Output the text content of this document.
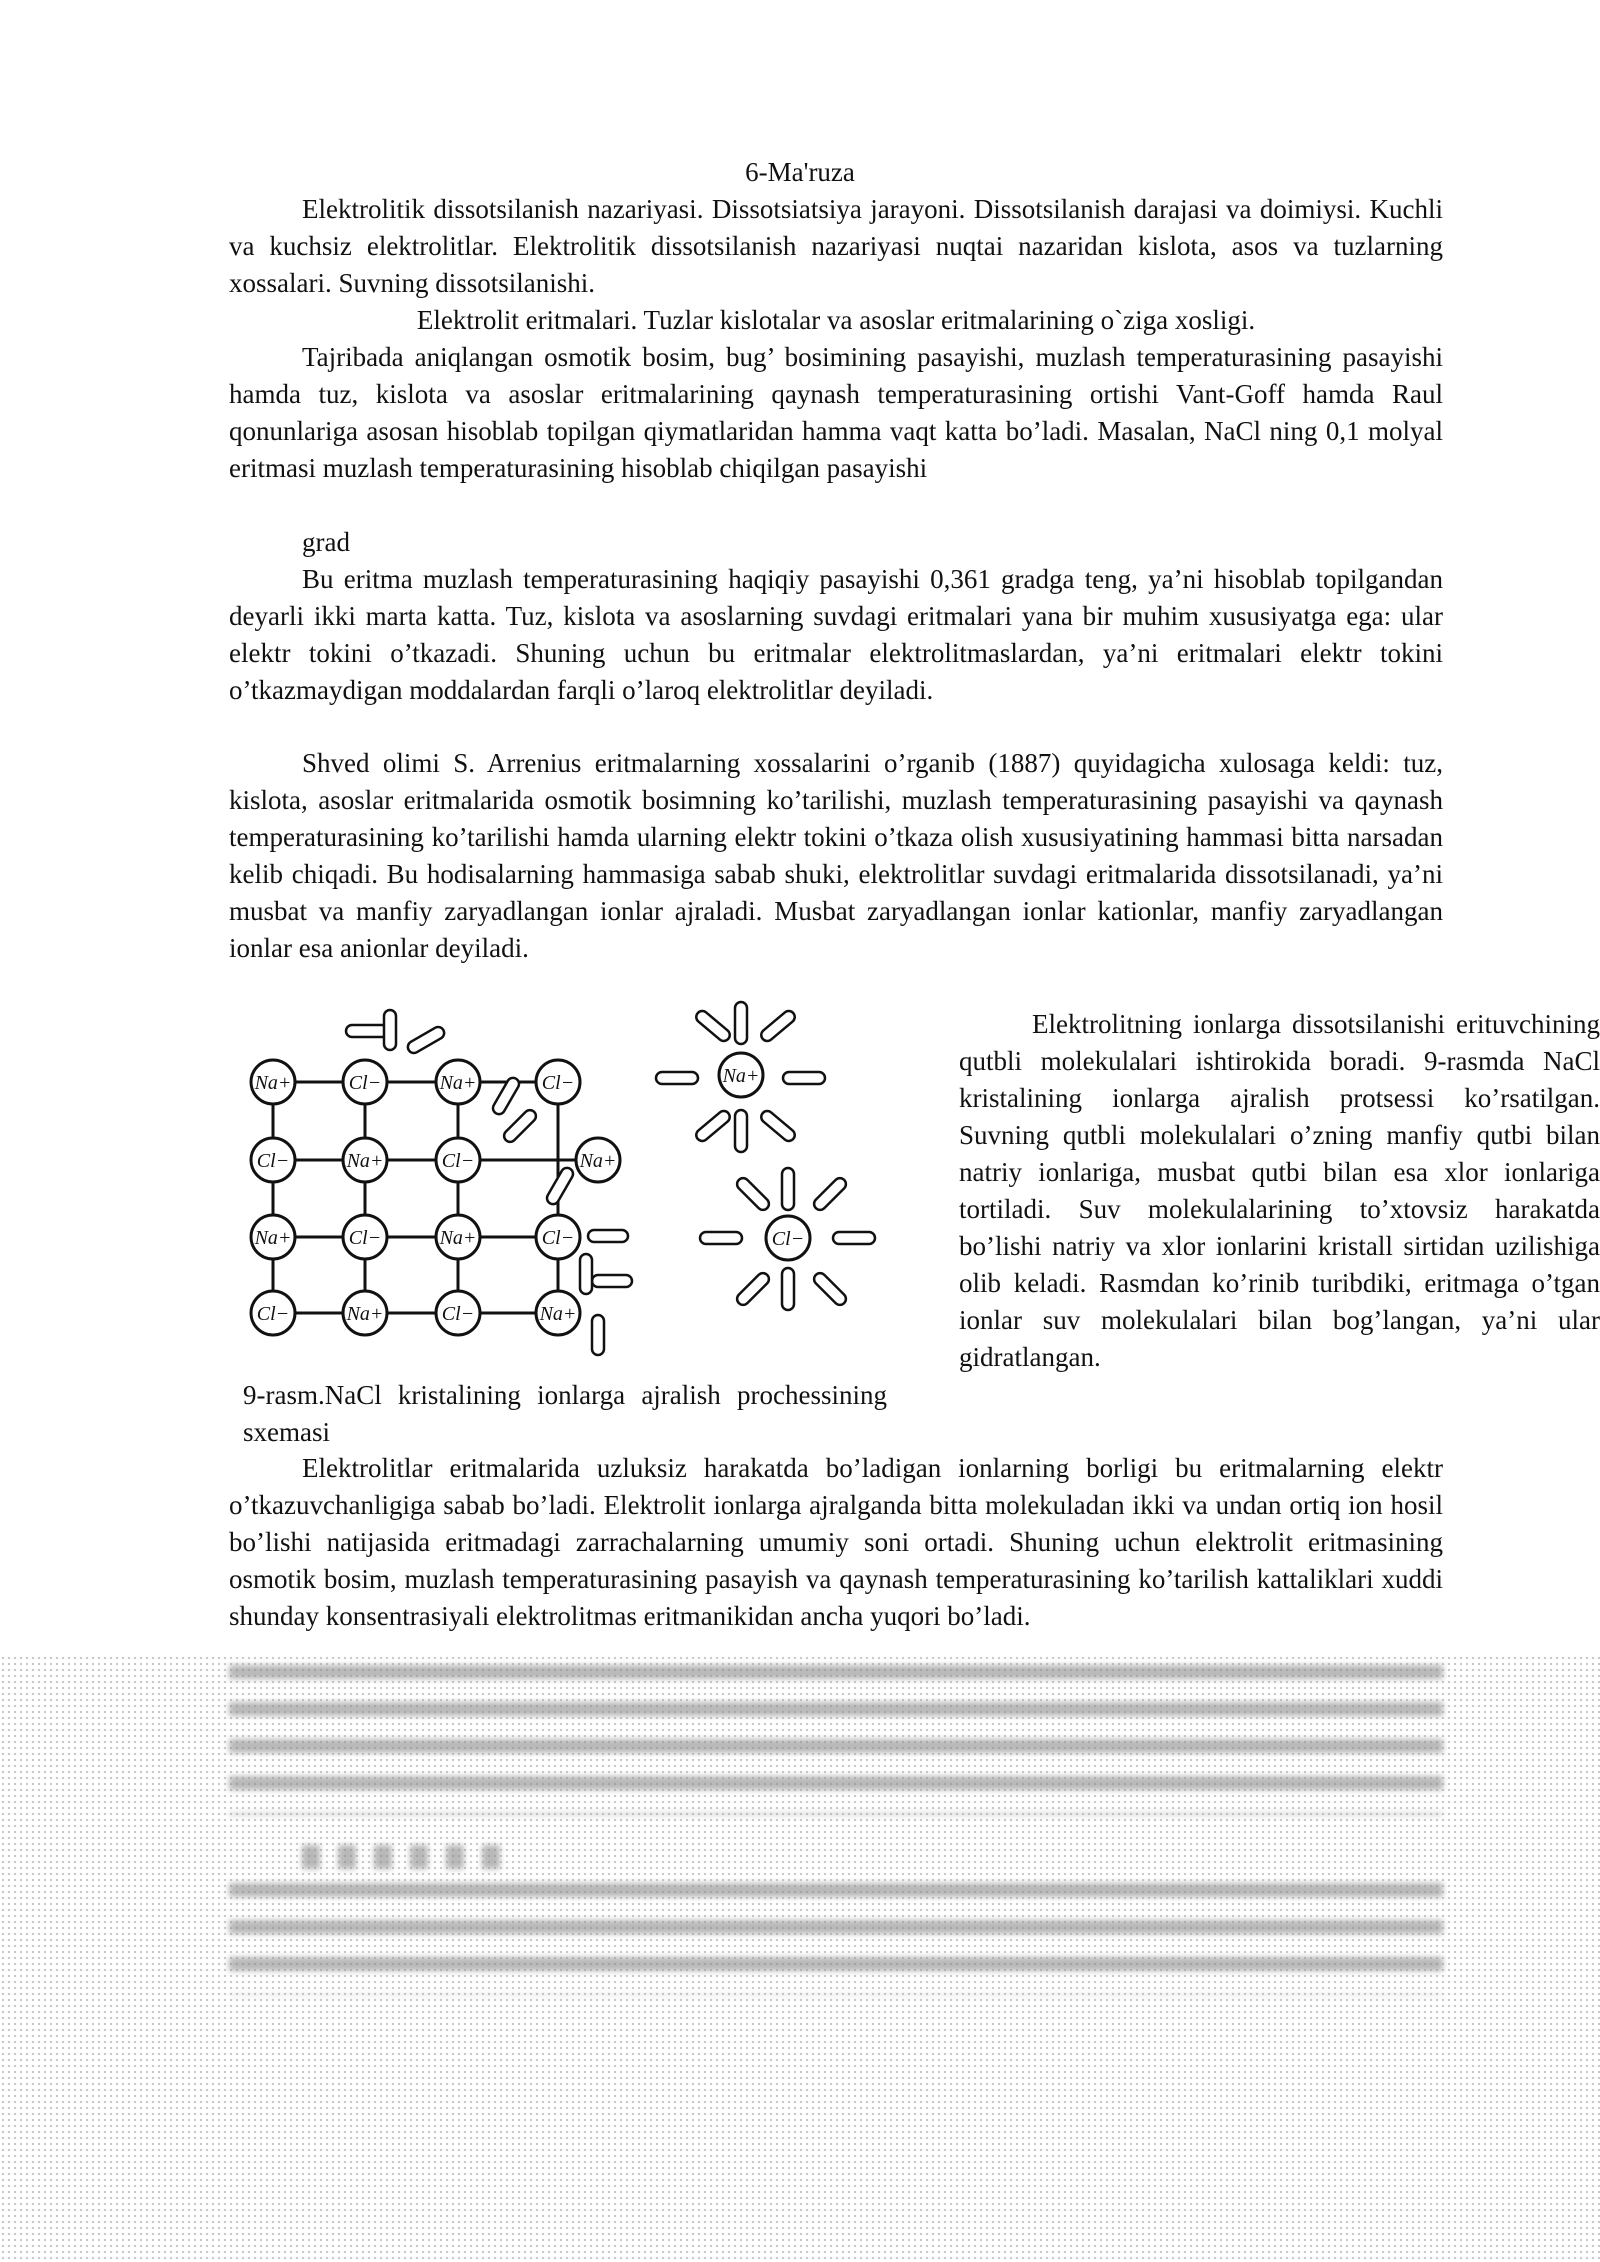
6-Ma'ruza

Elektrolitik dissotsilanish nazariyasi. Dissotsiatsiya jarayoni. Dissotsilanish darajasi va doimiysi. Kuchli va kuchsiz elektrolitlar. Elektrolitik dissotsilanish nazariyasi nuqtai nazaridan kislota, asos va tuzlarning xossalari. Suvning dissotsilanishi.

Elektrolit eritmalari. Tuzlar kislotalar va asoslar eritmalarining o`ziga xosligi.

Tajribada aniqlangan osmotik bosim, bug’ bosimining pasayishi, muzlash temperaturasining pasayishi hamda tuz, kislota va asoslar eritmalarining qaynash temperaturasining ortishi Vant-Goff hamda Raul qonunlariga asosan hisoblab topilgan qiymatlaridan hamma vaqt katta bo’ladi. Masalan, NaCl ning 0,1 molyal eritmasi muzlash temperaturasining hisoblab chiqilgan pasayishi

grad

Bu eritma muzlash temperaturasining haqiqiy pasayishi 0,361 gradga teng, ya’ni hisoblab topilgandan deyarli ikki marta katta. Tuz, kislota va asoslarning suvdagi eritmalari yana bir muhim xususiyatga ega: ular elektr tokini o’tkazadi. Shuning uchun bu eritmalar elektrolitmaslardan, ya’ni eritmalari elektr tokini o’tkazmaydigan moddalardan farqli o’laroq elektrolitlar deyiladi.

Shved olimi S. Arrenius eritmalarning xossalarini o’rganib (1887) quyidagicha xulosaga keldi: tuz, kislota, asoslar eritmalarida osmotik bosimning ko’tarilishi, muzlash temperaturasining pasayishi va qaynash temperaturasining ko’tarilishi hamda ularning elektr tokini o’tkaza olish xususiyatining hammasi bitta narsadan kelib chiqadi. Bu hodisalarning hammasiga sabab shuki, elektrolitlar suvdagi eritmalarida dissotsilanadi, ya’ni musbat va manfiy zaryadlangan ionlar ajraladi. Musbat zaryadlangan ionlar kationlar, manfiy zaryadlangan ionlar esa anionlar deyiladi.

Na+	Cl−	Na+	Cl−
Cl−	Na+	Cl−	Na+
Na+	Cl−	Na+	Cl−
Cl−	Na+	Cl−	Na+
Na+
Cl−

Elektrolitning ionlarga dissotsilanishi erituvchining qutbli molekulalari ishtirokida boradi. 9-rasmda NaCl kristalining ionlarga ajralish protsessi ko’rsatilgan. Suvning qutbli molekulalari o’zning manfiy qutbi bilan natriy ionlariga, musbat qutbi bilan esa xlor ionlariga tortiladi. Suv molekulalarining to’xtovsiz harakatda bo’lishi natriy va xlor ionlarini kristall sirtidan uzilishiga olib keladi. Rasmdan ko’rinib turibdiki, eritmaga o’tgan ionlar suv molekulalari bilan bog’langan, ya’ni ular gidratlangan.

9-rasm.NaCl kristalining ionlarga ajralish prochessining sxemasi

Elektrolitlar eritmalarida uzluksiz harakatda bo’ladigan ionlarning borligi bu eritmalarning elektr o’tkazuvchanligiga sabab bo’ladi. Elektrolit ionlarga ajralganda bitta molekuladan ikki va undan ortiq ion hosil bo’lishi natijasida eritmadagi zarrachalarning umumiy soni ortadi. Shuning uchun elektrolit eritmasining osmotik bosim, muzlash temperaturasining pasayish va qaynash temperaturasining ko’tarilish kattaliklari xuddi shunday konsentrasiyali elektrolitmas eritmanikidan ancha yuqori bo’ladi.
